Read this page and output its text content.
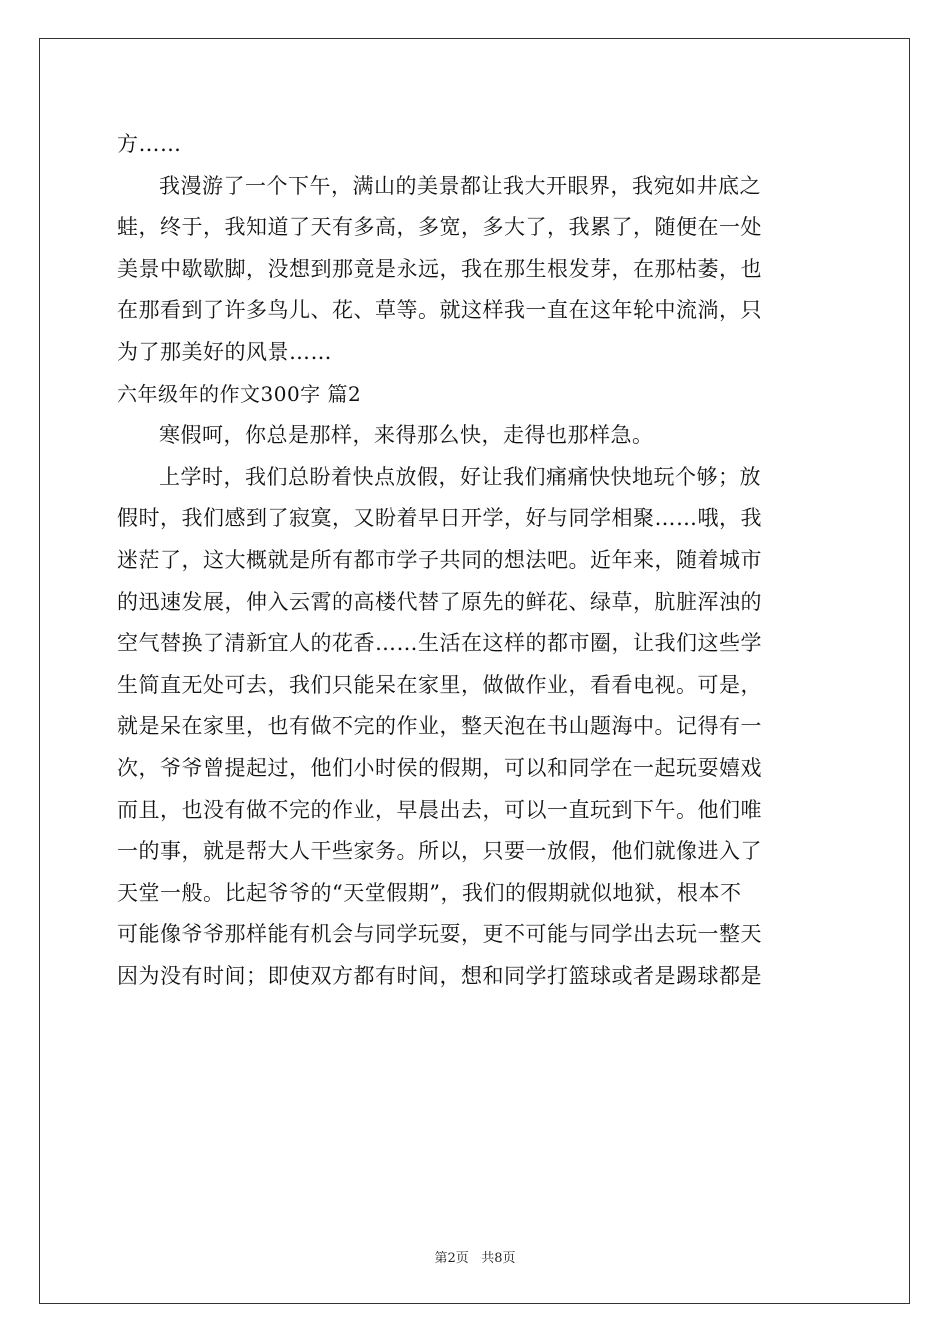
方……
我漫游了一个下午，满山的美景都让我大开眼界，我宛如井底之
蛙，终于，我知道了天有多高，多宽，多大了，我累了，随便在一处
美景中歇歇脚，没想到那竟是永远，我在那生根发芽，在那枯萎，也
在那看到了许多鸟儿、花、草等。就这样我一直在这年轮中流淌，只
为了那美好的风景……
六年级年的作文300字 篇2
寒假呵，你总是那样，来得那么快，走得也那样急。
上学时，我们总盼着快点放假，好让我们痛痛快快地玩个够；放
假时，我们感到了寂寞，又盼着早日开学，好与同学相聚……哦，我
迷茫了，这大概就是所有都市学子共同的想法吧。近年来，随着城市
的迅速发展，伸入云霄的高楼代替了原先的鲜花、绿草，肮脏浑浊的
空气替换了清新宜人的花香……生活在这样的都市圈，让我们这些学
生简直无处可去，我们只能呆在家里，做做作业，看看电视。可是，
就是呆在家里，也有做不完的作业，整天泡在书山题海中。记得有一
次，爷爷曾提起过，他们小时侯的假期，可以和同学在一起玩耍嬉戏
而且，也没有做不完的作业，早晨出去，可以一直玩到下午。他们唯
一的事，就是帮大人干些家务。所以，只要一放假，他们就像进入了
天堂一般。比起爷爷的“天堂假期”，我们的假期就似地狱，根本不
可能像爷爷那样能有机会与同学玩耍，更不可能与同学出去玩一整天
因为没有时间；即使双方都有时间，想和同学打篮球或者是踢球都是
第2页 共8页
